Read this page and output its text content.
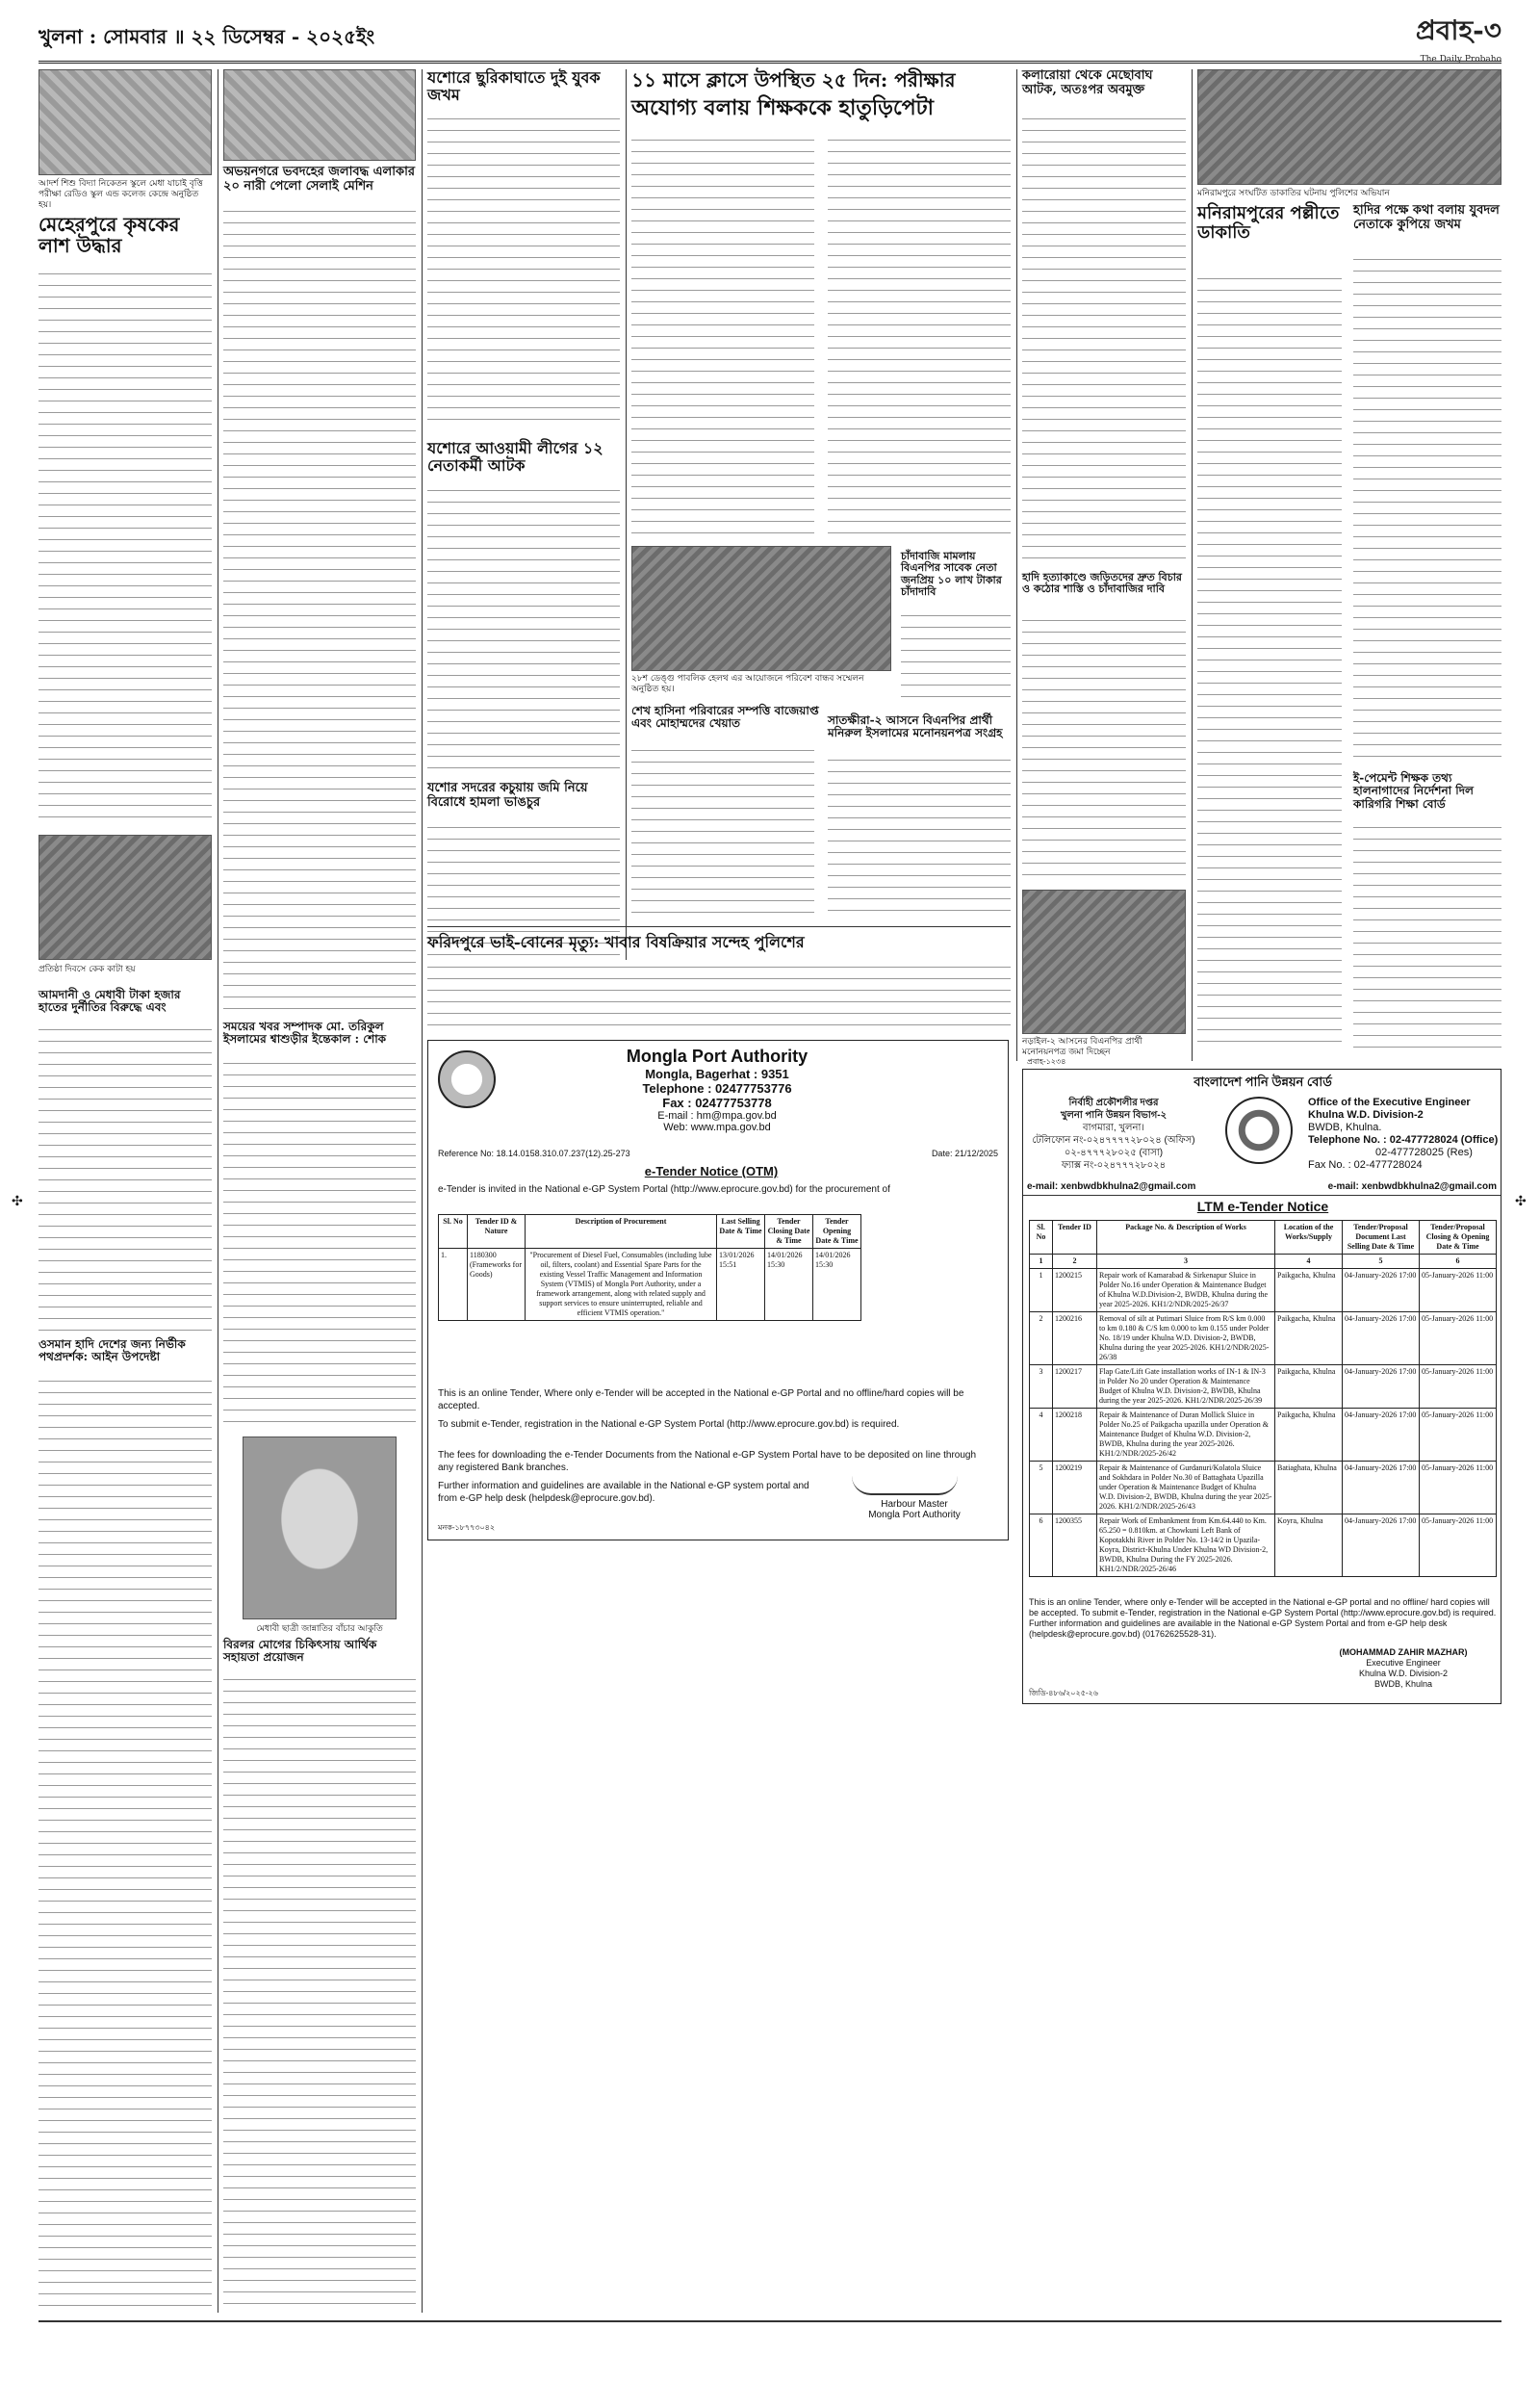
খুলনা : সোমবার ॥ ২২ ডিসেম্বর - ২০২৫ইং	প্রবাহ-৩
The Daily Probaho
আদর্শ শিশু বিদ্যা নিকেতন স্কুলে মেধা যাচাই বৃত্তি পরীক্ষা রেডিও স্কুল এন্ড কলেজ কেন্দ্রে অনুষ্ঠিত হয়।
মেহেরপুরে কৃষকের লাশ উদ্ধার
প্রতিষ্ঠা দিবসে কেক কাটা হয়
আমদানী ও মেধাবী টাকা হজার হাতের দুর্নীতির বিরুদ্ধে এবং
ওসমান হাদি দেশের জন্য নির্ভীক পথপ্রদর্শক: আইন উপদেষ্টা
অভয়নগরে ভবদহের জলাবদ্ধ এলাকার ২০ নারী পেলো সেলাই মেশিন
সময়ের খবর সম্পাদক মো. তরিকুল ইসলামের শ্বাশুড়ীর ইন্তেকাল : শোক
মেধাবী ছাত্রী জান্নাতির বাঁচার আকুতি
বিরলর মোগের চিকিৎসায় আর্থিক সহায়তা প্রয়োজন
যশোরে ছুরিকাঘাতে দুই যুবক জখম
যশোরে আওয়ামী লীগের ১২ নেতাকর্মী আটক
যশোর সদরের কচুয়ায় জমি নিয়ে বিরোধে হামলা ভাঙচুর
১১ মাসে ক্লাসে উপস্থিত ২৫ দিন: পরীক্ষার
অযোগ্য বলায় শিক্ষককে হাতুড়িপেটা
২৮শ ডেঙ্গু পাবলিক হেলথ এর আয়োজনে পরিবেশ বান্ধব সম্মেলন অনুষ্ঠিত হয়।
শেখ হাসিনা পরিবারের সম্পত্তি বাজেয়াপ্ত এবং মোহাম্মদের খেয়াত
চাঁদাবাজি মামলায় বিএনপির সাবেক নেতা জনপ্রিয় ১০ লাখ টাকার চাঁদাদাবি
সাতক্ষীরা-২ আসনে বিএনপির প্রার্থী মনিরুল ইসলামের মনোনয়নপত্র সংগ্রহ
ফরিদপুরে ভাই-বোনের মৃত্যু: খাবার বিষক্রিয়ার সন্দেহ পুলিশের
কলারোয়া থেকে মেছোবাঘ আটক, অতঃপর অবমুক্ত
হাদি হত্যাকাণ্ডে জড়িতদের দ্রুত বিচার ও কঠোর শাস্তি ও চাঁদাবাজির দাবি
নড়াইল-২ আসনের বিএনপির প্রার্থী মনোনয়নপত্র জমা দিচ্ছেন
মনিরামপুরে সংঘটিত ডাকাতির ঘটনায় পুলিশের অভিযান
মনিরামপুরের পল্লীতে ডাকাতি
হাদির পক্ষে কথা বলায় যুবদল নেতাকে কুপিয়ে জখম
ই-পেমেন্ট শিক্ষক তথ্য হালনাগাদের নির্দেশনা দিল কারিগরি শিক্ষা বোর্ড
Mongla Port Authority
Mongla, Bagerhat : 9351
Telephone : 02477753776
Fax : 02477753778
E-mail : hm@mpa.gov.bd
Web: www.mpa.gov.bd
Reference No: 18.14.0158.310.07.237(12).25-273	Date: 21/12/2025
e-Tender Notice (OTM)
e-Tender is invited in the National e-GP System Portal (http://www.eprocure.gov.bd) for the procurement of
Sl. No	Tender ID & Nature	Description of Procurement	Last Selling Date & Time	Tender Closing Date & Time	Tender Opening Date & Time
1.	1180300 (Frameworks for Goods)	"Procurement of Diesel Fuel, Consumables (including lube oil, filters, coolant) and Essential Spare Parts for the existing Vessel Traffic Management and Information System (VTMIS) of Mongla Port Authority, under a framework arrangement, along with related supply and support services to ensure uninterrupted, reliable and efficient VTMIS operation."	13/01/2026 15:51	14/01/2026 15:30	14/01/2026 15:30
This is an online Tender, Where only e-Tender will be accepted in the National e-GP Portal and no offline/hard copies will be accepted.
To submit e-Tender, registration in the National e-GP System Portal (http://www.eprocure.gov.bd) is required.
The fees for downloading the e-Tender Documents from the National e-GP System Portal have to be deposited on line through any registered Bank branches.
Further information and guidelines are available in the National e-GP system portal and from e-GP help desk (helpdesk@eprocure.gov.bd).
Harbour Master
Mongla Port Authority
মনক-১৮৭৭৩০৪২
প্রবাহ-১২৩৪
বাংলাদেশ পানি উন্নয়ন বোর্ড
নির্বাহী প্রকৌশলীর দপ্তর
খুলনা পানি উন্নয়ন বিভাগ-২
বাগমারা, খুলনা।
টেলিফোন নং-০২৪৭৭৭৭২৮০২৪ (অফিস)
০২-৪৭৭৭২৮০২৫ (বাসা)
ফ্যাক্স নং-০২৪৭৭৭২৮০২৪
Office of the Executive Engineer
Khulna W.D. Division-2
BWDB, Khulna.
Telephone No. : 02-477728024 (Office)
02-477728025 (Res)
Fax No. : 02-477728024
e-mail: xenbwdbkhulna2@gmail.com	e-mail: xenbwdbkhulna2@gmail.com
LTM e-Tender Notice
Sl. No	Tender ID	Package No. & Description of Works	Location of the Works/Supply	Tender/Proposal Document Last Selling Date & Time	Tender/Proposal Closing & Opening Date & Time
1	2	3	4	5	6
1	1200215	Repair work of Kamarabad & Sirkenapur Sluice in Polder No.16 under Operation & Maintenance Budget of Khulna W.D.Division-2, BWDB, Khulna during the year 2025-2026. KH1/2/NDR/2025-26/37	Paikgacha, Khulna	04-January-2026 17:00	05-January-2026 11:00
2	1200216	Removal of silt at Putimari Sluice from R/S km 0.000 to km 0.180 & C/S km 0.000 to km 0.155 under Polder No. 18/19 under Khulna W.D. Division-2, BWDB, Khulna during the year 2025-2026. KH1/2/NDR/2025-26/38	Paikgacha, Khulna	04-January-2026 17:00	05-January-2026 11:00
3	1200217	Flap Gate/Lift Gate installation works of IN-1 & IN-3 in Polder No 20 under Operation & Maintenance Budget of Khulna W.D. Division-2, BWDB, Khulna during the year 2025-2026. KH1/2/NDR/2025-26/39	Paikgacha, Khulna	04-January-2026 17:00	05-January-2026 11:00
4	1200218	Repair & Maintenance of Duran Mollick Sluice in Polder No.25 of Paikgacha upazilla under Operation & Maintenance Budget of Khulna W.D. Division-2, BWDB, Khulna during the year 2025-2026. KH1/2/NDR/2025-26/42	Paikgacha, Khulna	04-January-2026 17:00	05-January-2026 11:00
5	1200219	Repair & Maintenance of Gurdanuri/Kolatola Sluice and Sokhdara in Polder No.30 of Battaghata Upazilla under Operation & Maintenance Budget of Khulna W.D. Division-2, BWDB, Khulna during the year 2025-2026. KH1/2/NDR/2025-26/43	Batiaghata, Khulna	04-January-2026 17:00	05-January-2026 11:00
6	1200355	Repair Work of Embankment from Km.64.440 to Km. 65.250 = 0.810km. at Chowkuni Left Bank of Kopotakkhi River in Polder No. 13-14/2 in Upazila-Koyra, District-Khulna Under Khulna WD Division-2, BWDB, Khulna During the FY 2025-2026. KH1/2/NDR/2025-26/46	Koyra, Khulna	04-January-2026 17:00	05-January-2026 11:00
This is an online Tender, where only e-Tender will be accepted in the National e-GP portal and no offline/ hard copies will be accepted. To submit e-Tender, registration in the National e-GP System Portal (http://www.eprocure.gov.bd) is required. Further information and guidelines are available in the National e-GP System Portal and from e-GP help desk (helpdesk@eprocure.gov.bd) (01762625528-31).
(MOHAMMAD ZAHIR MAZHAR)
Executive Engineer
Khulna W.D. Division-2
BWDB, Khulna
জিডি-৪৮৬/২০২৫-২৬
✣	✣
